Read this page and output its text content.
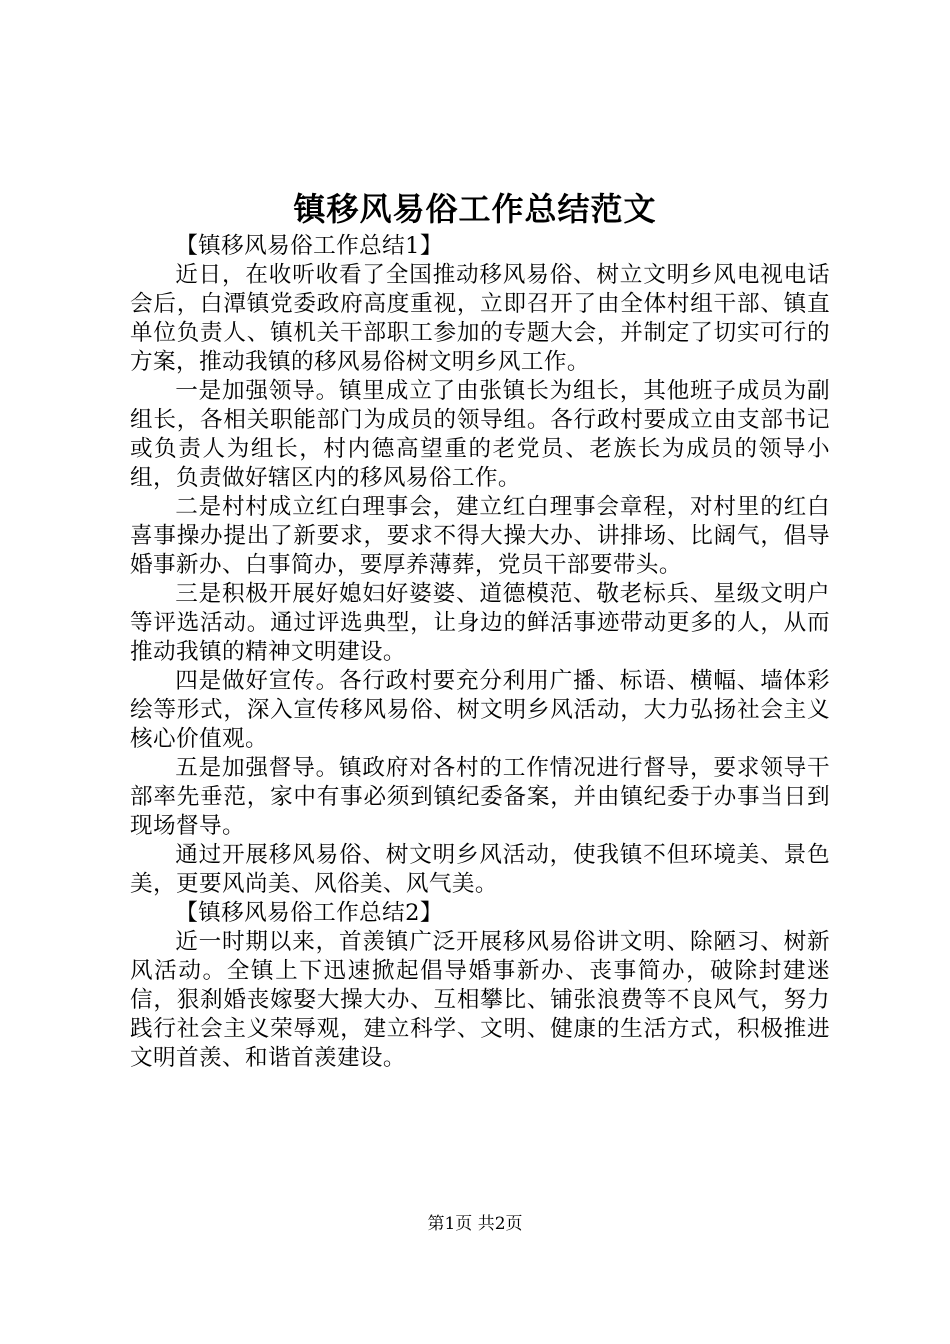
镇移风易俗工作总结范文

【镇移风易俗工作总结1】

近日，在收听收看了全国推动移风易俗、树立文明乡风电视电话会后，白潭镇党委政府高度重视，立即召开了由全体村组干部、镇直单位负责人、镇机关干部职工参加的专题大会，并制定了切实可行的方案，推动我镇的移风易俗树文明乡风工作。

一是加强领导。镇里成立了由张镇长为组长，其他班子成员为副组长，各相关职能部门为成员的领导组。各行政村要成立由支部书记或负责人为组长，村内德高望重的老党员、老族长为成员的领导小组，负责做好辖区内的移风易俗工作。

二是村村成立红白理事会，建立红白理事会章程，对村里的红白喜事操办提出了新要求，要求不得大操大办、讲排场、比阔气，倡导婚事新办、白事简办，要厚养薄葬，党员干部要带头。

三是积极开展好媳妇好婆婆、道德模范、敬老标兵、星级文明户等评选活动。通过评选典型，让身边的鲜活事迹带动更多的人，从而推动我镇的精神文明建设。

四是做好宣传。各行政村要充分利用广播、标语、横幅、墙体彩绘等形式，深入宣传移风易俗、树文明乡风活动，大力弘扬社会主义核心价值观。

五是加强督导。镇政府对各村的工作情况进行督导，要求领导干部率先垂范，家中有事必须到镇纪委备案，并由镇纪委于办事当日到现场督导。

通过开展移风易俗、树文明乡风活动，使我镇不但环境美、景色美，更要风尚美、风俗美、风气美。

【镇移风易俗工作总结2】

近一时期以来，首羡镇广泛开展移风易俗讲文明、除陋习、树新风活动。全镇上下迅速掀起倡导婚事新办、丧事简办，破除封建迷信，狠刹婚丧嫁娶大操大办、互相攀比、铺张浪费等不良风气，努力践行社会主义荣辱观，建立科学、文明、健康的生活方式，积极推进文明首羡、和谐首羡建设。

第1页 共2页
